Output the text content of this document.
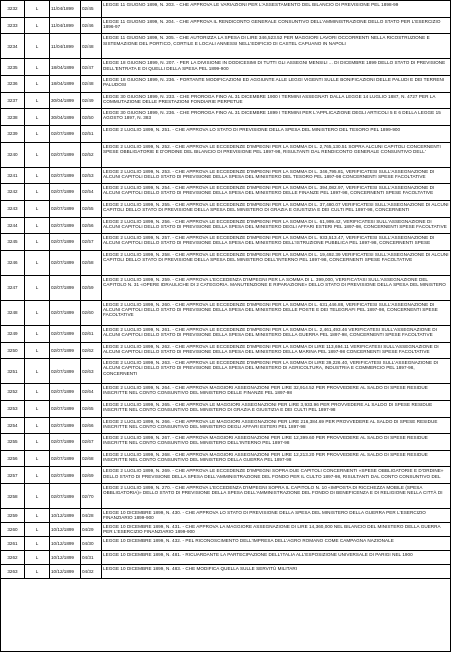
3232	L	11/04/1899	02/45
LEGGE 11 GIUGNO 1899, N. 203. - CHE APPROVA LE VARIAZIONI PER L'ASSESTAMENTO DEL BILANCIO DI PREVISIONE PEL 1898-99
3233	L	11/04/1899	02/46
LEGGE 11 GIUGNO 1899, N. 204. - CHE APPROVA IL RENDICONTO GENERALE CONSUNTIVO DELL'AMMINISTRAZIONE DELLO STATO PER L'ESERCIZIO 1896-97
3234	L	11/04/1899	02/48
LEGGE 11 GIUGNO 1899, N. 205. - CHE AUTORIZZA LA SPESA DI LIRE 346,523.52 PER MAGGIORI LAVORI OCCORRENTI NELLA RICOSTRUZIONE E SISTEMAZIONE DEL PORTICO, CORTILE E LOCALI ANNESSI NELL'EDIFICIO DI CASTEL CAPUANO IN NAPOLI
3235	L	18/04/1899	02/47
LEGGE 18 GIUGNO 1899, N. 207. - PER LA DIVISIONE IN DODICESIMI DI TUTTI GLI ASSEGNI MENSILI ... DI DICEMBRE 1899 DELLO STATO DI PREVISIONE DELL'ENTRATA E DI QUELLI DELLA SPESA PEL 1899-900
3236	L	18/04/1899	02/48
LEGGE 18 GIUGNO 1899, N. 236. - PORTANTE MODIFICAZIONI ED AGGIUNTE ALLE LEGGI VIGENTI SULLE BONIFICAZIONI DELLE PALUDI E DEI TERRENI PALUDOSI
3237	L	30/04/1899	02/49
LEGGE 30 GIUGNO 1899, N. 233. - CHE PROROGA FINO AL 31 DICEMBRE 1900 I TERMINI ASSEGNATI DALLA LEGGE 14 LUGLIO 1887, N. 4727 PER LA COMMUTAZIONE DELLE PRESTAZIONI FONDIARIE PERPETUE
3238	L	30/04/1899	02/50
LEGGE 30 GIUGNO 1899, N. 236. - CHE PROROGA FINO AL 31 DICEMBRE 1899 I TERMINI PER L'APPLICAZIONE DEGLI ARTICOLI 5 E 6 DELLA LEGGE 15 AGOSTO 1897, N. 383
3239	L	02/07/1899	02/51
LEGGE 2 LUGLIO 1899, N. 251. - CHE APPROVA LO STATO DI PREVISIONE DELLA SPESA DEL MINISTERO DEL TESORO PEL 1899-900
3240	L	02/07/1899	02/52
LEGGE 2 LUGLIO 1899, N. 252. - CHE APPROVA LE ECCEDENZE D'IMPEGNI PER LA SOMMA DI L. 2,765,130.51 SOPRA ALCUNI CAPITOLI CONCERNENTI SPESE OBBLIGATORIE E D'ORDINE DEL BILANCIO DI PREVISIONE PEL 1897-98, RISULTANTI DAL RENDICONTO GENERALE CONSUNTIVO DELL'
3241	L	02/07/1899	02/53
LEGGE 2 LUGLIO 1899, N. 253. - CHE APPROVA LE ECCEDENZE D'IMPEGNI PER LA SOMMA DI L. 346,795.81, VERIFICATESI SULL'ASSEGNAZIONE DI ALCUNI CAPITOLI DELLO STATO DI PREVISIONE DELLA SPESA DEL MINISTERO DEL TESORO PEL 1897-98 CONCERNENTI SPESE FACOLTATIVE
3242	L	02/07/1899	02/54
LEGGE 2 LUGLIO 1899, N. 254. - CHE APPROVA LE ECCEDENZE D'IMPEGNI PER LA SOMMA DI L. 394,082.97, VERIFICATESI SULL'ASSEGNAZIONE DI ALCUNI CAPITOLI DELLO STATO DI PREVISIONE DELLA SPESA DEL MINISTERO DELLE FINANZE PEL 1897-98, CONCERNENTI SPESE FACOLTATIVE
3243	L	02/07/1899	02/55
LEGGE 2 LUGLIO 1899, N. 255. - CHE APPROVA LE ECCEDENZE D'IMPEGNI PER LA SOMMA DI L. 37,480.07 VERIFICATESI SULL'ASSEGNAZIONE DI ALCUNI CAPITOLI DELLO STATO DI PREVISIONE DELLA SPESA DEL MINISTERO DI GRAZIA E GIUSTIZIA E DEI CULTI PEL 1897-98, CONCERNENTI
3244	L	02/07/1899	02/56
LEGGE 2 LUGLIO 1899, N. 256. - CHE APPROVA LE ECCEDENZE D'IMPEGNI PER LA SOMMA DI L. 61,999.42, VERIFICATESI SULL'ASSEGNAZIONE DI ALCUNI CAPITOLI DELLO STATO DI PREVISIONE DELLA SPESA DEL MINISTERO DEGLI AFFARI ESTERI PEL 1897-98, CONCERNENTI SPESE FACOLTATIVE
3245	L	02/07/1899	02/57
LEGGE 2 LUGLIO 1899, N. 257. - CHE APPROVA LE ECCEDENZE D'IMPEGNI PER LA SOMMA DI L. 933,513.47, VERIFICATESI SULL'ASSEGNAZIONE DI ALCUNI CAPITOLI DELLO STATO DI PREVISIONE DELLA SPESA DEL MINISTERO DELL'ISTRUZIONE PUBBLICA PEL 1897-98, CONCERNENTI SPESE
3246	L	02/07/1899	02/58
LEGGE 2 LUGLIO 1899, N. 258. - CHE APPROVA LE ECCEDENZE D'IMPEGNI PER LA SOMMA DI L. 19,492.39 VERIFICATESI SULL'ASSEGNAZIONE DI ALCUNI CAPITOLI DELLO STATO DI PREVISIONE DELLA SPESA DEL MINISTERO DELL'INTERNO PEL 1897-98, CONCERNENTI SPESE FACOLTATIVE
3247	L	02/07/1899	02/59
LEGGE 2 LUGLIO 1899, N. 259. - CHE APPROVA L'ECCEDENZA D'IMPEGNI PER LA SOMMA DI L. 399,000, VERIFICATASI SULL'ASSEGNAZIONE DEL CAPITOLO N. 31 «OPERE IDRAULICHE DI 2 CATEGORIA. MANUTENZIONE E RIPARAZIONE» DELLO STATO DI PREVISIONE DELLA SPESA DEL MINISTERO
3248	L	02/07/1899	02/60
LEGGE 2 LUGLIO 1899, N. 260. - CHE APPROVA LE ECCEDENZE D'IMPEGNI PER LA SOMMA DI L. 631,446.88, VERIFICATESI SULL'ASSEGNAZIONE DI ALCUNI CAPITOLI DELLO STATO DI PREVISIONE DELLA SPESA DEL MINISTERO DELLE POSTE E DEI TELEGRAFI PEL 1897-98, CONCERNENTI SPESE FACOLTATIVE
3249	L	02/07/1899	02/61
LEGGE 2 LUGLIO 1899, N. 261. - CHE APPROVA LE ECCEDENZE D'IMPEGNI PER LA SOMMA DI L. 2,461,493.46 VERIFICATESI SULL'ASSEGNAZIONE DI ALCUNI CAPITOLI DELLO STATO DI PREVISIONE DELLA SPESA DEL MINISTERO DELLA GUERRA PEL 1897-98, CONCERNENTI SPESE FACOLTATIVE
3250	L	02/07/1899	02/62
LEGGE 2 LUGLIO 1899, N. 262. - CHE APPROVA LE ECCEDENZE D'IMPEGNI PER LA SOMMA DI LIRE 113,694.11 VERIFICATESI SULL'ASSEGNAZIONE DI ALCUNI CAPITOLI DELLO STATO DI PREVISIONE DELLA SPESA DEL MINISTERO DELLA MARINA PEL 1897-98 CONCERNENTI SPESE FACOLTATIVE
3251	L	02/07/1899	02/63
LEGGE 2 LUGLIO 1899, N. 263. - CHE APPROVA LE ECCEDENZE D'IMPEGNI PER LA SOMMA DI LIRE 39,226.40, VERIFICATESI SULL'ASSEGNAZIONE DI ALCUNI CAPITOLI DELLO STATO DI PREVISIONE DELLA SPESA DEL MINISTERO DI AGRICOLTURA, INDUSTRIA E COMMERCIO PEL 1897-98, CONCERNENTI
3252	L	02/07/1899	02/64
LEGGE 2 LUGLIO 1899, N. 264. - CHE APPROVA MAGGIORI ASSEGNAZIONI PER LIRE 32,914.52 PER PROVVEDERE AL SALDO DI SPESE RESIDUE INSCRITTE NEL CONTO CONSUNTIVO DEL MINISTERO DELLE FINANZE PEL 1897-98
3253	L	02/07/1899	02/65
LEGGE 2 LUGLIO 1899, N. 265. - CHE APPROVA LE MAGGIORI ASSEGNAZIONI PER LIRE 3,933.96 PER PROVVEDERE AL SALDO DI SPESE RESIDUE INSCRITTE NEL CONTO CONSUNTIVO DEL MINISTERO DI GRAZIA E GIUSTIZIA E DEI CULTI PEL 1897-98
3254	L	02/07/1899	02/66
LEGGE 2 LUGLIO 1899, N. 266. - CHE APPROVA LE MAGGIORI ASSEGNAZIONI PER LIRE 216,384.69 PER PROVVEDERE AL SALDO DI SPESE RESIDUE INSCRITTE NEL CONTO CONSUNTIVO DEL MINISTERO DEGLI AFFARI ESTERI PEL 1897-98
3255	L	02/07/1899	02/67
LEGGE 2 LUGLIO 1899, N. 267. - CHE APPROVA MAGGIORI ASSEGNAZIONI PER LIRE 12,399.60 PER PROVVEDERE AL SALDO DI SPESE RESIDUE INSCRITTE NEL CONTO CONSUNTIVO DEL MINISTERO DELL'INTERNO PEL 1897-98
3256	L	02/07/1899	02/68
LEGGE 2 LUGLIO 1899, N. 268. - CHE APPROVA MAGGIORI ASSEGNAZIONI PER LIRE 12,213.20 PER PROVVEDERE AL SALDO DI SPESE RESIDUE INSCRITTE NEL CONTO CONSUNTIVO DEL MINISTERO DELLA GUERRA PEL 1897-98
3257	L	02/07/1899	02/69
LEGGE 2 LUGLIO 1899, N. 269. - CHE APPROVA LE ECCEDENZE D'IMPEGNI SOPRA DUE CAPITOLI CONCERNENTI «SPESE OBBLIGATORIE E D'ORDINE» DELLO STATO DI PREVISIONE DELLA SPESA DELL'AMMINISTRAZIONE DEL FONDO PER IL CULTO 1897-98, RISULTANTI DAL CONTO CONSUNTIVO DEL
3258	L	02/07/1899	02/70
LEGGE 2 LUGLIO 1899, N. 270. - CHE APPROVA L'ECCEDENZA D'IMPEGNI SOPRA IL CAPITOLO N. 10 «IMPOSTA DI RICCHEZZA MOBILE (SPESA OBBLIGATORIA)» DELLO STATO DI PREVISIONE DELLA SPESA DELL'AMMINISTRAZIONE DEL FONDO DI BENEFICENZA E DI RELIGIONE NELLA CITTÀ DI
3259	L	10/12/1899	04/28
LEGGE 10 DICEMBRE 1899, N. 430. - CHE APPROVA LO STATO DI PREVISIONE DELLA SPESA DEL MINISTERO DELLA GUERRA PER L'ESERCIZIO FINANZIARIO 1899-900
3260	L	10/12/1899	04/29
LEGGE 10 DICEMBRE 1899, N. 431. - CHE APPROVA LA MAGGIORE ASSEGNAZIONE DI LIRE 14,360,000 NEL BILANCIO DEL MINISTERO DELLA GUERRA PER L'ESERCIZIO FINANZIARIO 1899-900
3261	L	10/12/1899	04/30
LEGGE 10 DICEMBRE 1899, N. 432. - PEL RICONOSCIMENTO DELL'IMPRESA DELL'AGRO ROMANO COME CAMPAGNA NAZIONALE
3262	L	10/12/1899	04/31
LEGGE 10 DICEMBRE 1899, N. 481. - RICUARDANTE LA PARTECIPAZIONE DELL'ITALIA ALL'ESPOSIZIONE UNIVERSALE DI PARIGI NEL 1900
3263	L	10/12/1899	04/32
LEGGE 10 DICEMBRE 1899, N. 483. - CHE MODIFICA QUELLA SULLE SERVITÙ MILITARI
